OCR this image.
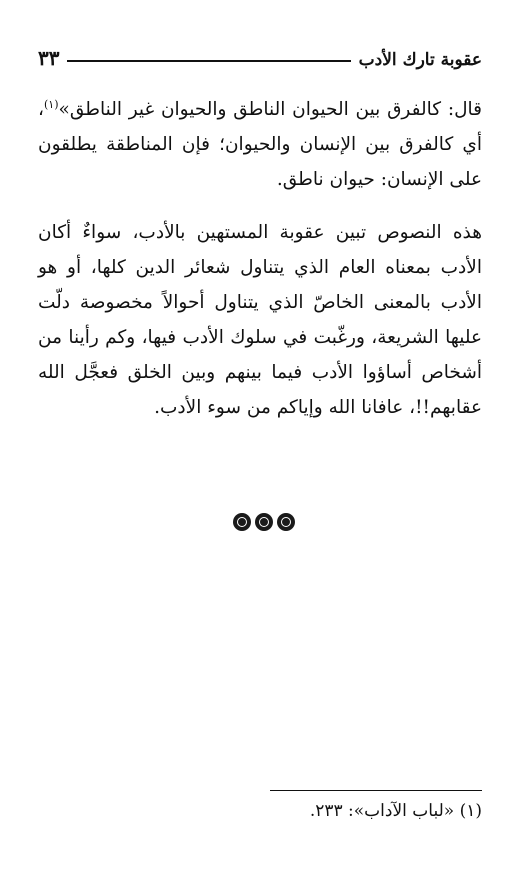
عقوبة تارك الأدب
٣٣

قال: كالفرق بين الحيوان الناطق والحيوان غير الناطق»$^{(١)}$، أي كالفرق بين الإنسان والحيوان؛ فإن المناطقة يطلقون على الإنسان: حيوان ناطق.

هذه النصوص تبين عقوبة المستهين بالأدب، سواءٌ أكان الأدب بمعناه العام الذي يتناول شعائر الدين كلها، أو هو الأدب بالمعنى الخاصّ الذي يتناول أحوالاً مخصوصة دلّت عليها الشريعة، ورغّبت في سلوك الأدب فيها، وكم رأينا من أشخاص أساؤوا الأدب فيما بينهم وبين الخلق فعجَّل الله عقابهم!!، عافانا الله وإياكم من سوء الأدب.

(١) «لباب الآداب»: ٢٣٣.
